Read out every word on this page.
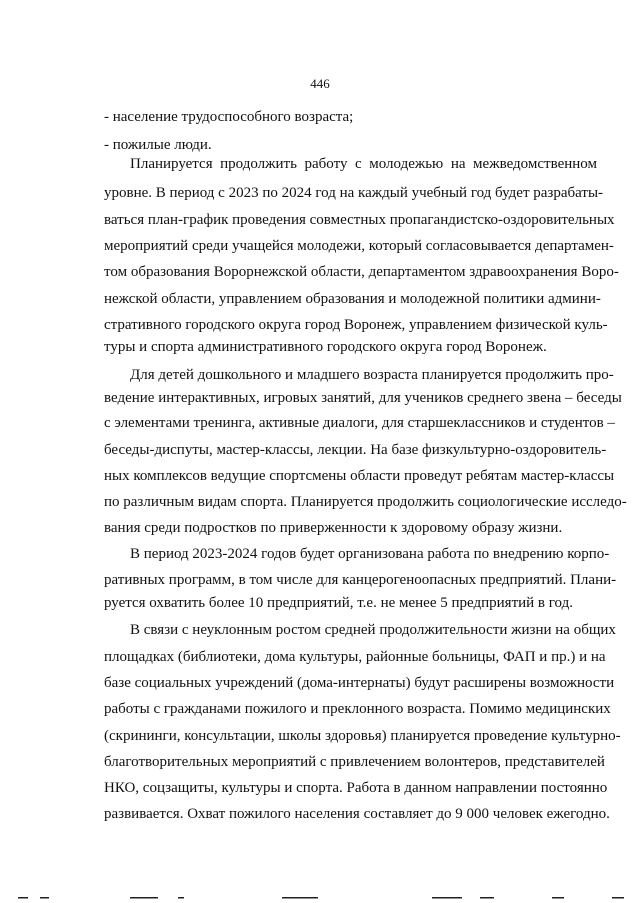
446
- население трудоспособного возраста;
- пожилые люди.
Планируется продолжить работу с молодежью на межведомственном
уровне. В период с 2023 по 2024 год на каждый учебный год будет разрабаты-
ваться план-график проведения совместных пропагандистско-оздоровительных
мероприятий среди учащейся молодежи, который согласовывается департамен-
том образования Ворорнежской области, департаментом здравоохранения Воро-
нежской области, управлением образования и молодежной политики админи-
стративного городского округа город Воронеж, управлением физической куль-
туры и спорта административного городского округа город Воронеж.
Для детей дошкольного и младшего возраста планируется продолжить про-
ведение интерактивных, игровых занятий, для учеников среднего звена – беседы
с элементами тренинга, активные диалоги, для старшеклассников и студентов –
беседы-диспуты, мастер-классы, лекции. На базе физкультурно-оздоровитель-
ных комплексов ведущие спортсмены области проведут ребятам мастер-классы
по различным видам спорта. Планируется продолжить социологические исследо-
вания среди подростков по приверженности к здоровому образу жизни.
В период 2023-2024 годов будет организована работа по внедрению корпо-
ративных программ, в том числе для канцерогеноопасных предприятий. Плани-
руется охватить более 10 предприятий, т.е. не менее 5 предприятий в год.
В связи с неуклонным ростом средней продолжительности жизни на общих
площадках (библиотеки, дома культуры, районные больницы, ФАП и пр.) и на
базе социальных учреждений (дома-интернаты) будут расширены возможности
работы с гражданами пожилого и преклонного возраста. Помимо медицинских
(скрининги, консультации, школы здоровья) планируется проведение культурно-
благотворительных мероприятий с привлечением волонтеров, представителей
НКО, соцзащиты, культуры и спорта. Работа в данном направлении постоянно
развивается. Охват пожилого населения составляет до 9 000 человек ежегодно.
